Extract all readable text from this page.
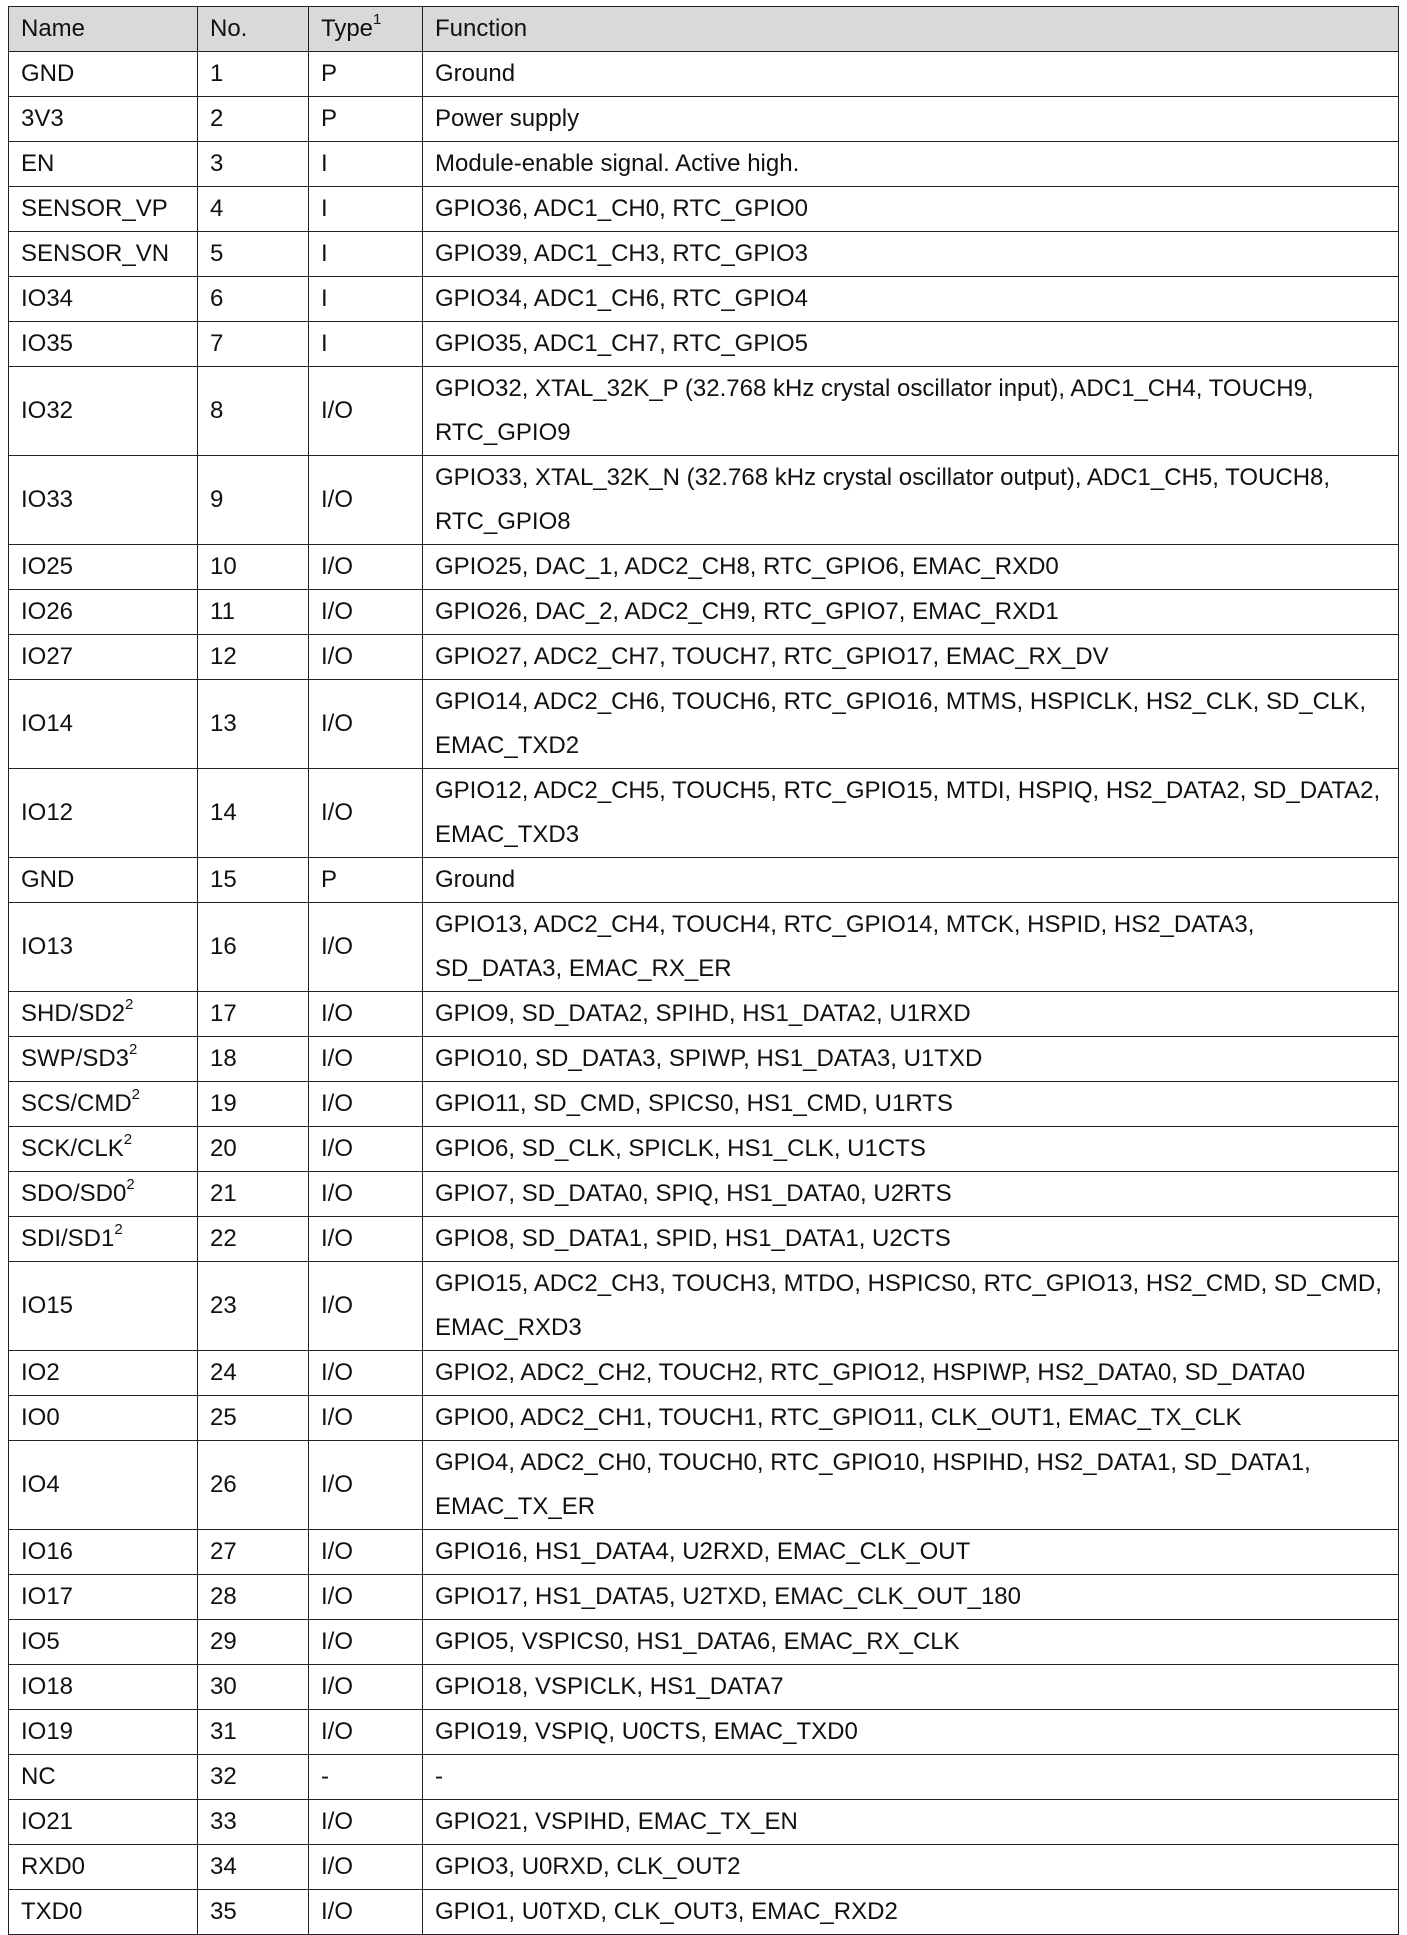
Name	No.	Type$^1$	Function
GND	1	P	Ground
3V3	2	P	Power supply
EN	3	I	Module-enable signal. Active high.
SENSOR_VP	4	I	GPIO36, ADC1_CH0, RTC_GPIO0
SENSOR_VN	5	I	GPIO39, ADC1_CH3, RTC_GPIO3
IO34	6	I	GPIO34, ADC1_CH6, RTC_GPIO4
IO35	7	I	GPIO35, ADC1_CH7, RTC_GPIO5
IO32	8	I/O	GPIO32, XTAL_32K_P (32.768 kHz crystal oscillator input), ADC1_CH4, TOUCH9, RTC_GPIO9
IO33	9	I/O	GPIO33, XTAL_32K_N (32.768 kHz crystal oscillator output), ADC1_CH5, TOUCH8, RTC_GPIO8
IO25	10	I/O	GPIO25, DAC_1, ADC2_CH8, RTC_GPIO6, EMAC_RXD0
IO26	11	I/O	GPIO26, DAC_2, ADC2_CH9, RTC_GPIO7, EMAC_RXD1
IO27	12	I/O	GPIO27, ADC2_CH7, TOUCH7, RTC_GPIO17, EMAC_RX_DV
IO14	13	I/O	GPIO14, ADC2_CH6, TOUCH6, RTC_GPIO16, MTMS, HSPICLK, HS2_CLK, SD_CLK, EMAC_TXD2
IO12	14	I/O	GPIO12, ADC2_CH5, TOUCH5, RTC_GPIO15, MTDI, HSPIQ, HS2_DATA2, SD_DATA2, EMAC_TXD3
GND	15	P	Ground
IO13	16	I/O	GPIO13, ADC2_CH4, TOUCH4, RTC_GPIO14, MTCK, HSPID, HS2_DATA3, SD_DATA3, EMAC_RX_ER
SHD/$SD2^2$	17	I/O	GPIO9, SD_DATA2, SPIHD, HS1_DATA2, U1RXD
SWP/$SD3^2$	18	I/O	GPIO10, SD_DATA3, SPIWP, HS1_DATA3, U1TXD
SCS/CMD$^2$	19	I/O	GPIO11, SD_CMD, SPICS0, HS1_CMD, U1RTS
SCK/CLK$^2$	20	I/O	GPIO6, SD_CLK, SPICLK, HS1_CLK, U1CTS
SDO/$SD0^2$	21	I/O	GPIO7, SD_DATA0, SPIQ, HS1_DATA0, U2RTS
SDI/$SD1^2$	22	I/O	GPIO8, SD_DATA1, SPID, HS1_DATA1, U2CTS
IO15	23	I/O	GPIO15, ADC2_CH3, TOUCH3, MTDO, HSPICS0, RTC_GPIO13, HS2_CMD, SD_CMD, EMAC_RXD3
IO2	24	I/O	GPIO2, ADC2_CH2, TOUCH2, RTC_GPIO12, HSPIWP, HS2_DATA0, SD_DATA0
IO0	25	I/O	GPIO0, ADC2_CH1, TOUCH1, RTC_GPIO11, CLK_OUT1, EMAC_TX_CLK
IO4	26	I/O	GPIO4, ADC2_CH0, TOUCH0, RTC_GPIO10, HSPIHD, HS2_DATA1, SD_DATA1, EMAC_TX_ER
IO16	27	I/O	GPIO16, HS1_DATA4, U2RXD, EMAC_CLK_OUT
IO17	28	I/O	GPIO17, HS1_DATA5, U2TXD, EMAC_CLK_OUT_180
IO5	29	I/O	GPIO5, VSPICS0, HS1_DATA6, EMAC_RX_CLK
IO18	30	I/O	GPIO18, VSPICLK, HS1_DATA7
IO19	31	I/O	GPIO19, VSPIQ, U0CTS, EMAC_TXD0
NC	32	-	-
IO21	33	I/O	GPIO21, VSPIHD, EMAC_TX_EN
RXD0	34	I/O	GPIO3, U0RXD, CLK_OUT2
TXD0	35	I/O	GPIO1, U0TXD, CLK_OUT3, EMAC_RXD2
